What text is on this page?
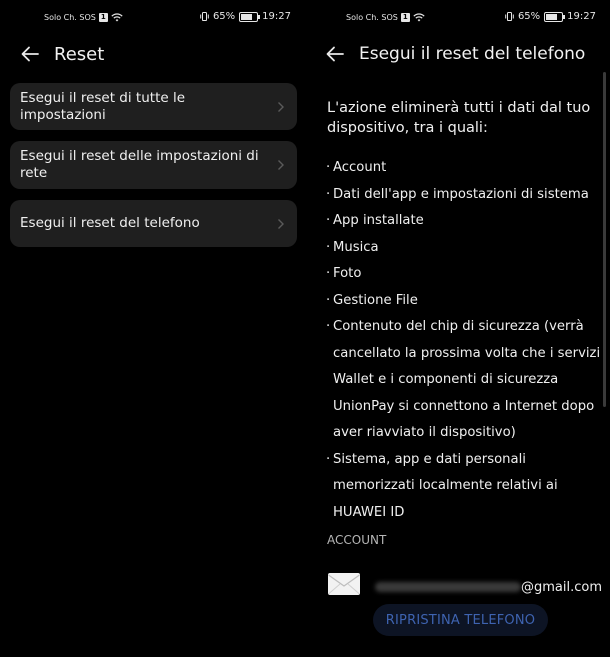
Solo Ch. SOS 1	65%	19:27
Reset
Esegui il reset di tutte le impostazioni
Esegui il reset delle impostazioni di rete
Esegui il reset del telefono
Solo Ch. SOS 1	65%	19:27
Esegui il reset del telefono
L'azione eliminerà tutti i dati dal tuo dispositivo, tra i quali:
· Account
· Dati dell'app e impostazioni di sistema
· App installate
· Musica
· Foto
· Gestione File
· Contenuto del chip di sicurezza (verrà cancellato la prossima volta che i servizi Wallet e i componenti di sicurezza UnionPay si connettono a Internet dopo aver riavviato il dispositivo)
· Sistema, app e dati personali memorizzati localmente relativi ai HUAWEI ID
ACCOUNT
@gmail.com
RIPRISTINA TELEFONO
